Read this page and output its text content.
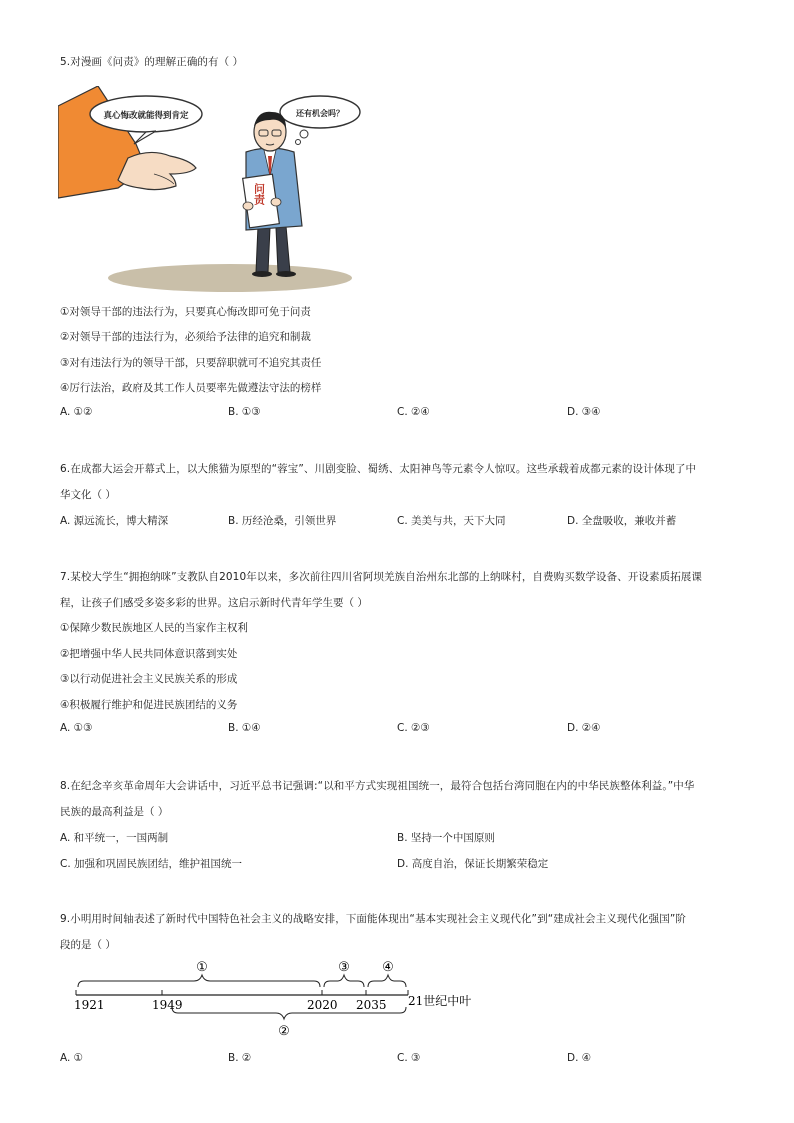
5.对漫画《问责》的理解正确的有（ ）
真心悔改就能得到肯定	还有机会吗？
问责
①对领导干部的违法行为，只要真心悔改即可免于问责
②对领导干部的违法行为，必须给予法律的追究和制裁
③对有违法行为的领导干部，只要辞职就可不追究其责任
④厉行法治，政府及其工作人员要率先做遵法守法的榜样
A. ①②	B. ①③	C. ②④	D. ③④
6.在成都大运会开幕式上，以大熊猫为原型的“蓉宝”、川剧变脸、蜀绣、太阳神鸟等元素令人惊叹。这些承载着成都元素的设计体现了中
华文化（ ）
A. 源远流长，博大精深	B. 历经沧桑，引领世界	C. 美美与共，天下大同	D. 全盘吸收，兼收并蓄
7.某校大学生“拥抱纳咪”支教队自2010年以来，多次前往四川省阿坝羌族自治州东北部的上纳咪村，自费购买数学设备、开设素质拓展课
程，让孩子们感受多姿多彩的世界。这启示新时代青年学生要（ ）
①保障少数民族地区人民的当家作主权利
②把增强中华人民共同体意识落到实处
③以行动促进社会主义民族关系的形成
④积极履行维护和促进民族团结的义务
A. ①③	B. ①④	C. ②③	D. ②④
8.在纪念辛亥革命周年大会讲话中，习近平总书记强调:“以和平方式实现祖国统一，最符合包括台湾同胞在内的中华民族整体利益。”中华
民族的最高利益是（ ）
A. 和平统一，一国两制	B. 坚持一个中国原则
C. 加强和巩固民族团结，维护祖国统一	D. 高度自治，保证长期繁荣稳定
9.小明用时间轴表述了新时代中国特色社会主义的战略安排，下面能体现出“基本实现社会主义现代化”到“建成社会主义现代化强国”阶
段的是（ ）
①
②
③ ④
1921	1949	2020 2035 21世纪中叶
A. ①	B. ②	C. ③	D. ④
